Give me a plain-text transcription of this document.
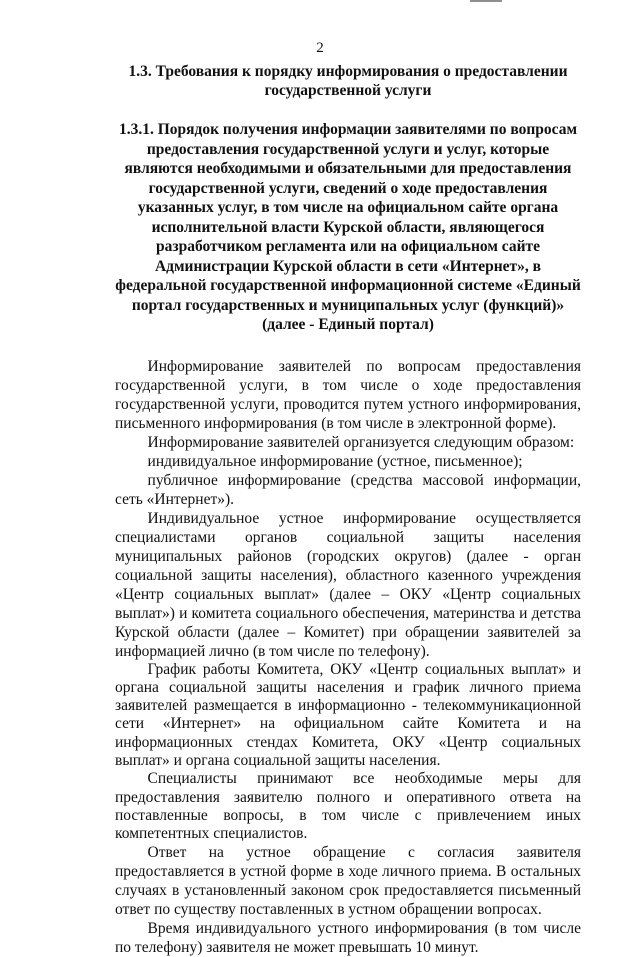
2
1.3. Требования к порядку информирования о предоставлении государственной услуги
1.3.1. Порядок получения информации заявителями по вопросам предоставления государственной услуги и услуг, которые являются необходимыми и обязательными для предоставления государственной услуги, сведений о ходе предоставления указанных услуг, в том числе на официальном сайте органа исполнительной власти Курской области, являющегося разработчиком регламента или на официальном сайте Администрации Курской области в сети «Интернет», в федеральной государственной информационной системе «Единый портал государственных и муниципальных услуг (функций)» (далее - Единый портал)

Информирование заявителей по вопросам предоставления государственной услуги, в том числе о ходе предоставления государственной услуги, проводится путем устного информирования, письменного информирования (в том числе в электронной форме).

Информирование заявителей организуется следующим образом:

индивидуальное информирование (устное, письменное);

публичное информирование (средства массовой информации, сеть «Интернет»).

Индивидуальное устное информирование осуществляется специалистами органов социальной защиты населения муниципальных районов (городских округов) (далее - орган социальной защиты населения), областного казенного учреждения «Центр социальных выплат» (далее – ОКУ «Центр социальных выплат») и комитета социального обеспечения, материнства и детства Курской области (далее – Комитет) при обращении заявителей за информацией лично (в том числе по телефону).

График работы Комитета, ОКУ «Центр социальных выплат» и органа социальной защиты населения и график личного приема заявителей размещается в информационно - телекоммуникационной сети «Интернет» на официальном сайте Комитета и на информационных стендах Комитета, ОКУ «Центр социальных выплат» и органа социальной защиты населения.

Специалисты принимают все необходимые меры для предоставления заявителю полного и оперативного ответа на поставленные вопросы, в том числе с привлечением иных компетентных специалистов.

Ответ на устное обращение с согласия заявителя предоставляется в устной форме в ходе личного приема. В остальных случаях в установленный законом срок предоставляется письменный ответ по существу поставленных в устном обращении вопросах.

Время индивидуального устного информирования (в том числе по телефону) заявителя не может превышать 10 минут.
